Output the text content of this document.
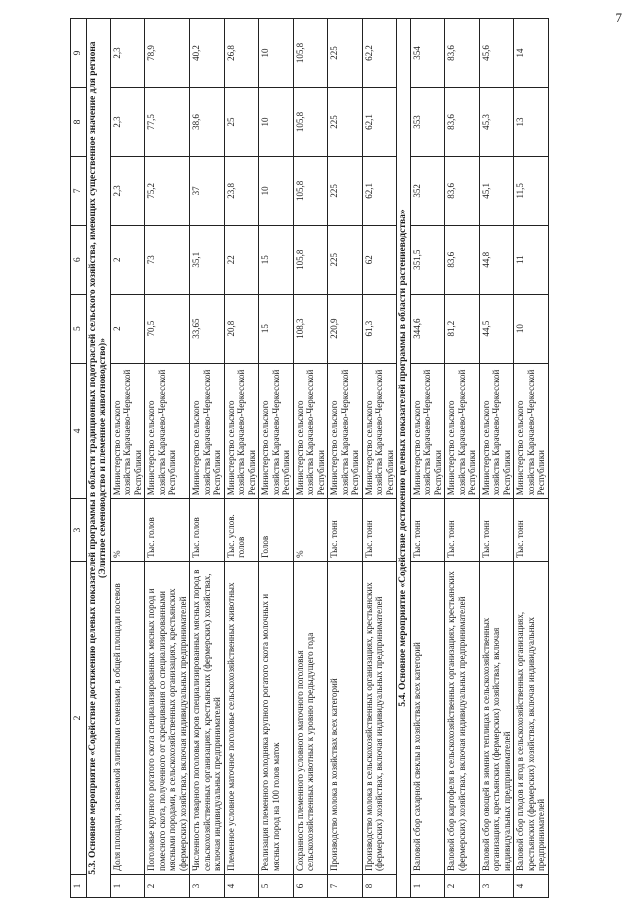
7
1	2	3	4	5	6	7	8	9
5.3. Основное мероприятие «Содействие достижению целевых показателей программы в области традиционных подотраслей сельского хозяйства, имеющих существенное значение для региона (Элитное семеноводство и племенное животноводство)»								
1	Доля площади, засеваемой элитными семенами, в общей площади посевов	%	Министерство сельского хозяйства Карачаево-Черкесской Республики	2	2	2,3	2,3	2,3
2	Поголовье крупного рогатого скота специализированных мясных пород и помесного скота, полученного от скрещивания со специализированными мясными породами, в сельскохозяйственных организациях, крестьянских (фермерских) хозяйствах, включая индивидуальных предпринимателей	Тыс. голов	Министерство сельского хозяйства Карачаево-Черкесской Республики	70,5	73	75,2	77,5	78,9
3	Численность товарного поголовья коров специализированных мясных пород в сельскохозяйственных организациях, крестьянских (фермерских) хозяйствах, включая индивидуальных предпринимателей	Тыс. голов	Министерство сельского хозяйства Карачаево-Черкесской Республики	33,65	35,1	37	38,6	40,2
4	Племенное условное маточное поголовье сельскохозяйственных животных	Тыс. услов. голов	Министерство сельского хозяйства Карачаево-Черкесской Республики	20,8	22	23,8	25	26,8
5	Реализация племенного молодняка крупного рогатого скота молочных и мясных пород на 100 голов маток	Голов	Министерство сельского хозяйства Карачаево-Черкесской Республики	15	15	10	10	10
6	Сохранность племенного условного маточного поголовья сельскохозяйственных животных к уровню предыдущего года	%	Министерство сельского хозяйства Карачаево-Черкесской Республики	108,3	105,8	105,8	105,8	105,8
7	Производство молока в хозяйствах всех категорий	Тыс. тонн	Министерство сельского хозяйства Карачаево-Черкесской Республики	220,9	225	225	225	225
8	Производство молока в сельскохозяйственных организациях, крестьянских (фермерских) хозяйствах, включая индивидуальных предпринимателей	Тыс. тонн	Министерство сельского хозяйства Карачаево-Черкесской Республики	61,3	62	62,1	62,1	62,2
5.4. Основное мероприятие «Содействие достижению целевых показателей программы в области растениеводства»								
1	Валовой сбор сахарной свеклы в хозяйствах всех категорий	Тыс. тонн	Министерство сельского хозяйства Карачаево-Черкесской Республики	344,6	351,5	352	353	354
2	Валовой сбор картофеля в сельскохозяйственных организациях, крестьянских (фермерских) хозяйствах, включая индивидуальных предпринимателей	Тыс. тонн	Министерство сельского хозяйства Карачаево-Черкесской Республики	81,2	83,6	83,6	83,6	83,6
3	Валовой сбор овощей в зимних теплицах в сельскохозяйственных организациях, крестьянских (фермерских) хозяйствах, включая индивидуальных предпринимателей	Тыс. тонн	Министерство сельского хозяйства Карачаево-Черкесской Республики	44,5	44,8	45,1	45,3	45,6
4	Валовой сбор плодов и ягод в сельскохозяйственных организациях, крестьянских (фермерских) хозяйствах, включая индивидуальных предпринимателей	Тыс. тонн	Министерство сельского хозяйства Карачаево-Черкесской Республики	10	11	11,5	13	14
